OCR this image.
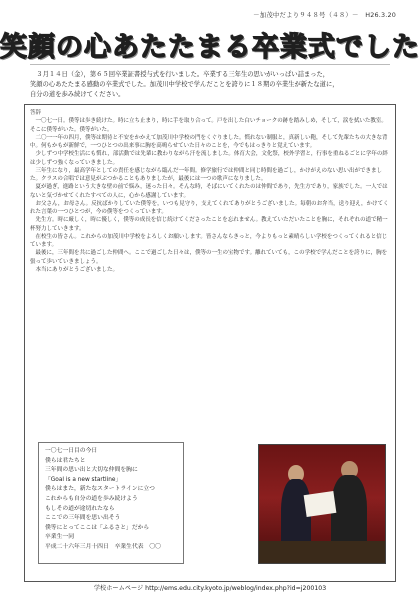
－加茂中だより９４８号（４８）－　H26.3.20
笑顔の心あたたまる卒業式でした
　３月１４日（金），第６５回卒業証書授与式を行いました。卒業する三年生の思いがいっぱい詰まった，
笑顔の心あたたまる感動の卒業式でした。加茂川中学校で学んだことを誇りに１８期の卒業生が新たな道に，
自分の道を歩み続けてください。

答辞

　一〇七一日。僕等は歩き続けた。時に立ち止まり，時に手を取り合って。戸を出した白いチョークの跡を踏みしめ，そして，涙を拭いた教室。そこに僕等がいた。僕等がいた。

　二〇一一年の四月，僕等は期待と不安をかかえて加茂川中学校の門をくぐりました。慣れない制服と，真新しい鞄，そして先輩たちの大きな背中。何もかもが新鮮で，一つひとつの出来事に胸を高鳴らせていた日々のことを，今でもはっきりと覚えています。

　少しずつ中学校生活にも慣れ，部活動では先輩に教わりながら汗を流しました。体育大会，文化祭，校外学習と，行事を重ねるごとに学年の絆は少しずつ強くなっていきました。

　三年生になり，最高学年としての責任を感じながら臨んだ一年間。修学旅行では仲間と同じ時間を過ごし，かけがえのない思い出ができました。クラスの合唱では意見がぶつかることもありましたが，最後には一つの歌声になりました。

　夏が過ぎ，進路という大きな壁の前で悩み，迷った日々。そんな時，そばにいてくれたのは仲間であり，先生方であり，家族でした。一人ではないと気づかせてくれたすべての人に，心から感謝しています。

　お父さん，お母さん。反抗ばかりしていた僕等を，いつも見守り，支えてくれてありがとうございました。毎朝のお弁当，送り迎え，かけてくれた言葉の一つひとつが，今の僕等をつくっています。

　先生方。時に厳しく，時に優しく，僕等の成長を信じ続けてくださったことを忘れません。教えていただいたことを胸に，それぞれの道で精一杯努力していきます。

　在校生の皆さん。これからの加茂川中学校をよろしくお願いします。皆さんならきっと，今よりもっと素晴らしい学校をつくってくれると信じています。

　最後に，三年間を共に過ごした仲間へ。ここで過ごした日々は，僕等の一生の宝物です。離れていても，この学校で学んだことを誇りに，胸を張って歩いていきましょう。

　本当にありがとうございました。

一〇七一日目の今日
僕らは君たちと
三年間の思い出と大切な仲間を胸に
「Goal is a new startline」
僕らはまた，新たなスタートラインに立つ
これからも自分の道を歩み続けよう
もしその道が途切れたなら
ここでの三年間を思い出そう
僕等にとってここは「ふるさと」だから
卒業生一同
平成二十六年三月十四日　卒業生代表　〇〇
学校ホームページ http://ems.edu.city.kyoto.jp/weblog/index.php?id=j200103
